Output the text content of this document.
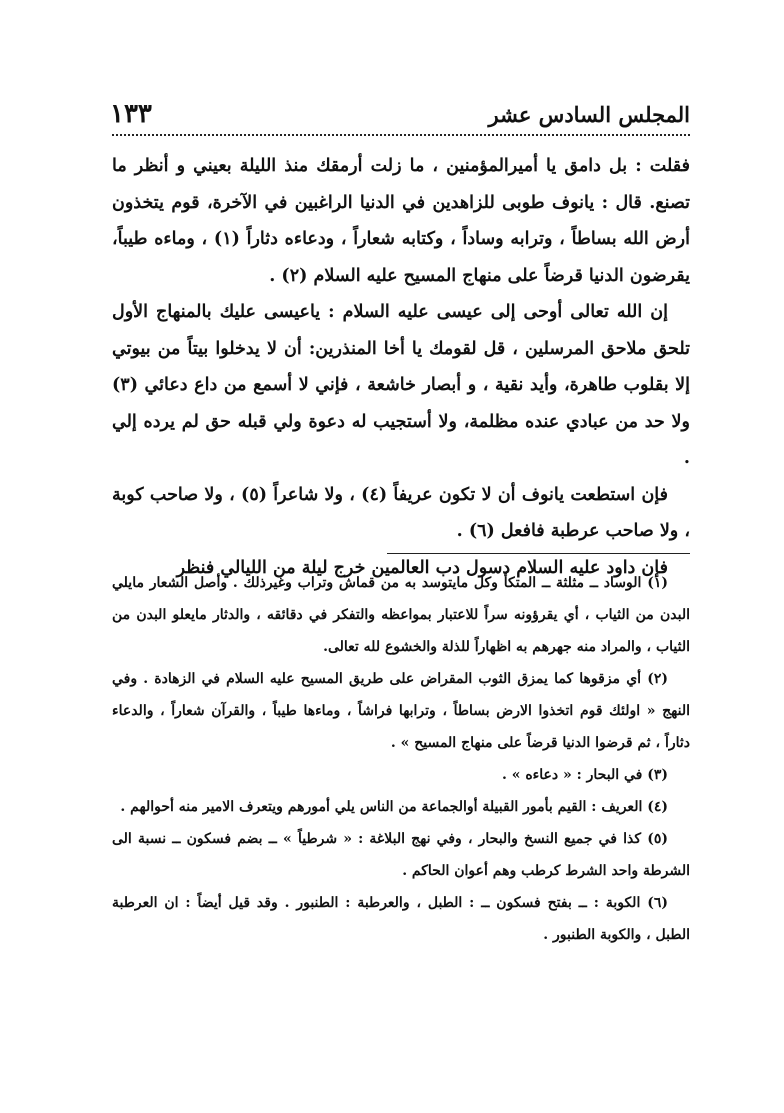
المجلس السادس عشر
١٣٣

فقلت : بل دامق يا أميرالمؤمنين ، ما زلت أرمقك منذ الليلة بعيني و أنظر ما تصنع. قال : يانوف طوبى للزاهدين في الدنيا الراغبين في الآخرة، قوم يتخذون أرض الله بساطاً ، وترابه وساداً ، وكتابه شعاراً ، ودعاءه دثاراً (١) ، وماءه طيباً، يقرضون الدنيا قرضاً على منهاج المسيح عليه السلام (٢) .

إن الله تعالى أوحى إلى عيسى عليه السلام : ياعيسى عليك بالمنهاج الأول تلحق ملاحق المرسلين ، قل لقومك يا أخا المنذرين: أن لا يدخلوا بيتاً من بيوتي إلا بقلوب طاهرة، وأيد نقية ، و أبصار خاشعة ، فإني لا أسمع من داع دعائي (٣) ولا حد من عبادي عنده مظلمة، ولا أستجيب له دعوة ولي قبله حق لم يرده إلي .

فإن استطعت يانوف أن لا تكون عريفاً (٤) ، ولا شاعراً (٥) ، ولا صاحب كوبة ، ولا صاحب عرطبة فافعل (٦) .

فإن داود عليه السلام دسول دب العالمين خرج ليلة من الليالي فنظر

(١) الوساد ــ مثلثة ــ المتكأ وكل مايتوسد به من قماش وتراب وغيرذلك . وأصل الشعار مايلي البدن من الثياب ، أي يقرؤونه سراً للاعتبار بمواعظه والتفكر في دقائقه ، والدثار مايعلو البدن من الثياب ، والمراد منه جهرهم به اظهاراً للذلة والخشوع لله تعالى.

(٢) أي مزقوها كما يمزق الثوب المقراض على طريق المسيح عليه السلام في الزهادة . وفي النهج « اولئك قوم اتخذوا الارض بساطاً ، وترابها فراشاً ، وماءها طيباً ، والقرآن شعاراً ، والدعاء دثاراً ، ثم قرضوا الدنيا قرضاً على منهاج المسيح » .

(٣) في البحار : « دعاءه » .

(٤) العريف : القيم بأمور القبيلة أوالجماعة من الناس يلي أمورهم ويتعرف الامير منه أحوالهم .

(٥) كذا في جميع النسخ والبحار ، وفي نهج البلاغة : « شرطياً » ــ بضم فسكون ــ نسبة الى الشرطة واحد الشرط كرطب وهم أعوان الحاكم .

(٦) الكوبة : ــ بفتح فسكون ــ : الطبل ، والعرطبة : الطنبور . وقد قيل أيضاً : ان العرطبة الطبل ، والكوبة الطنبور .
